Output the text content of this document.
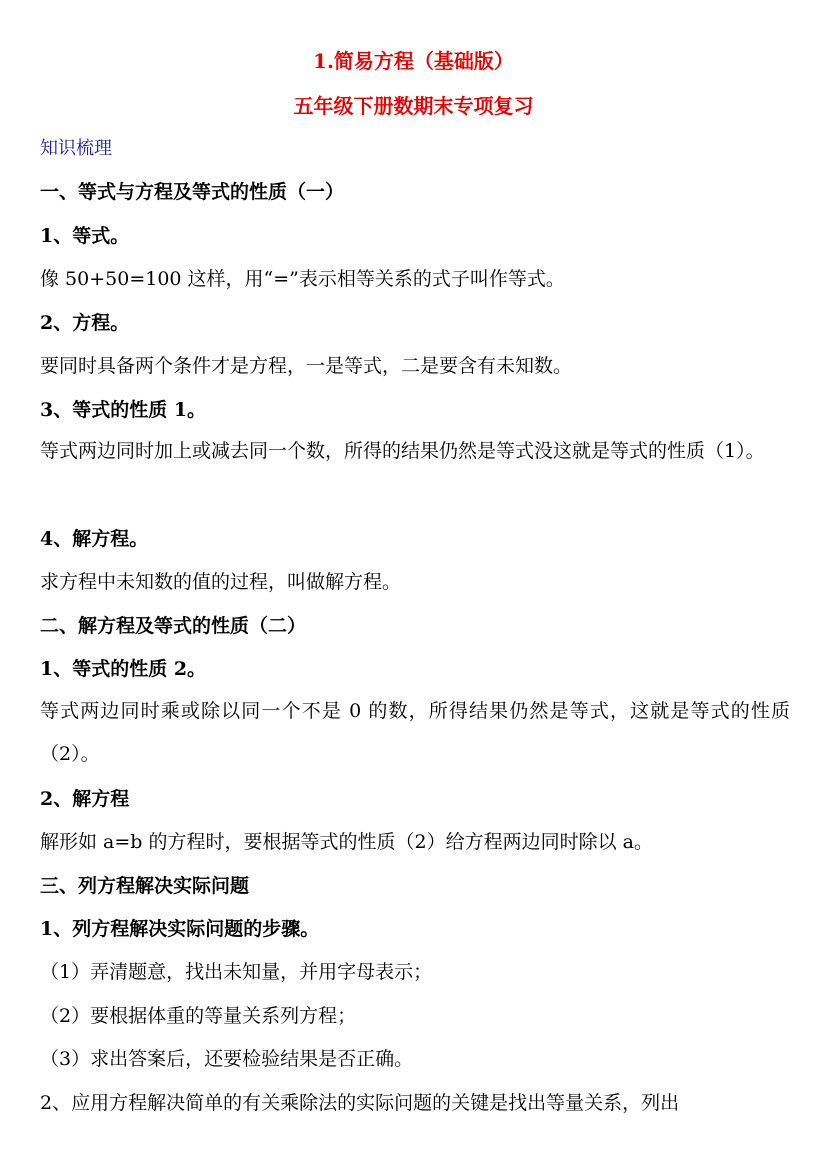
1.简易方程（基础版）
五年级下册数期末专项复习
知识梳理
一、等式与方程及等式的性质（一）
1、等式。
像 50+50=100 这样，用“=”表示相等关系的式子叫作等式。
2、方程。
要同时具备两个条件才是方程，一是等式，二是要含有未知数。
3、等式的性质 1。
等式两边同时加上或减去同一个数，所得的结果仍然是等式没这就是等式的性质（1）。
4、解方程。
求方程中未知数的值的过程，叫做解方程。
二、解方程及等式的性质（二）
1、等式的性质 2。
等式两边同时乘或除以同一个不是 0 的数，所得结果仍然是等式，这就是等式的性质（2）。
2、解方程
解形如 a=b 的方程时，要根据等式的性质（2）给方程两边同时除以 a。
三、列方程解决实际问题
1、列方程解决实际问题的步骤。
（1）弄清题意，找出未知量，并用字母表示；
（2）要根据体重的等量关系列方程；
（3）求出答案后，还要检验结果是否正确。
2、应用方程解决简单的有关乘除法的实际问题的关键是找出等量关系，列出
